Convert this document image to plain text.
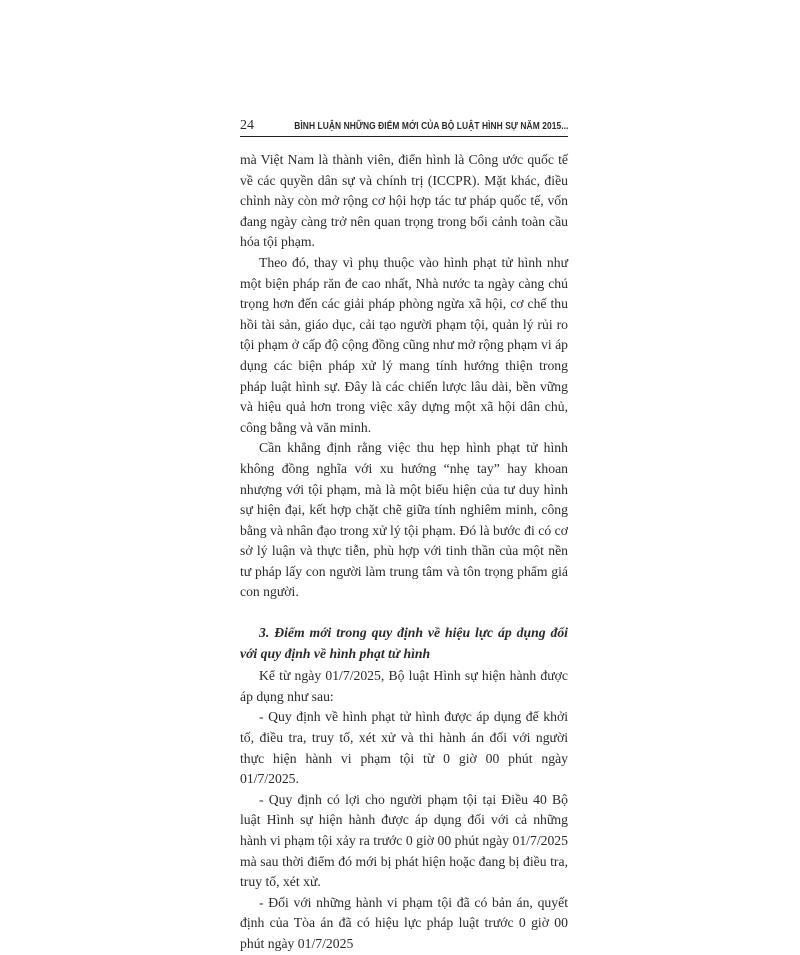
24	BÌNH LUẬN NHỮNG ĐIỂM MỚI CỦA BỘ LUẬT HÌNH SỰ NĂM 2015...

mà Việt Nam là thành viên, điển hình là Công ước quốc tế về các quyền dân sự và chính trị (ICCPR). Mặt khác, điều chỉnh này còn mở rộng cơ hội hợp tác tư pháp quốc tế, vốn đang ngày càng trở nên quan trọng trong bối cảnh toàn cầu hóa tội phạm.

Theo đó, thay vì phụ thuộc vào hình phạt tử hình như một biện pháp răn đe cao nhất, Nhà nước ta ngày càng chú trọng hơn đến các giải pháp phòng ngừa xã hội, cơ chế thu hồi tài sản, giáo dục, cải tạo người phạm tội, quản lý rủi ro tội phạm ở cấp độ cộng đồng cũng như mở rộng phạm vi áp dụng các biện pháp xử lý mang tính hướng thiện trong pháp luật hình sự. Đây là các chiến lược lâu dài, bền vững và hiệu quả hơn trong việc xây dựng một xã hội dân chủ, công bằng và văn minh.

Cần khẳng định rằng việc thu hẹp hình phạt tử hình không đồng nghĩa với xu hướng “nhẹ tay” hay khoan nhượng với tội phạm, mà là một biểu hiện của tư duy hình sự hiện đại, kết hợp chặt chẽ giữa tính nghiêm minh, công bằng và nhân đạo trong xử lý tội phạm. Đó là bước đi có cơ sở lý luận và thực tiễn, phù hợp với tinh thần của một nền tư pháp lấy con người làm trung tâm và tôn trọng phẩm giá con người.

3. Điểm mới trong quy định về hiệu lực áp dụng đối với quy định về hình phạt tử hình

Kể từ ngày 01/7/2025, Bộ luật Hình sự hiện hành được áp dụng như sau:

- Quy định về hình phạt tử hình được áp dụng để khởi tố, điều tra, truy tố, xét xử và thi hành án đối với người thực hiện hành vi phạm tội từ 0 giờ 00 phút ngày 01/7/2025.

- Quy định có lợi cho người phạm tội tại Điều 40 Bộ luật Hình sự hiện hành được áp dụng đối với cả những hành vi phạm tội xảy ra trước 0 giờ 00 phút ngày 01/7/2025 mà sau thời điểm đó mới bị phát hiện hoặc đang bị điều tra, truy tố, xét xử.

- Đối với những hành vi phạm tội đã có bản án, quyết định của Tòa án đã có hiệu lực pháp luật trước 0 giờ 00 phút ngày 01/7/2025
